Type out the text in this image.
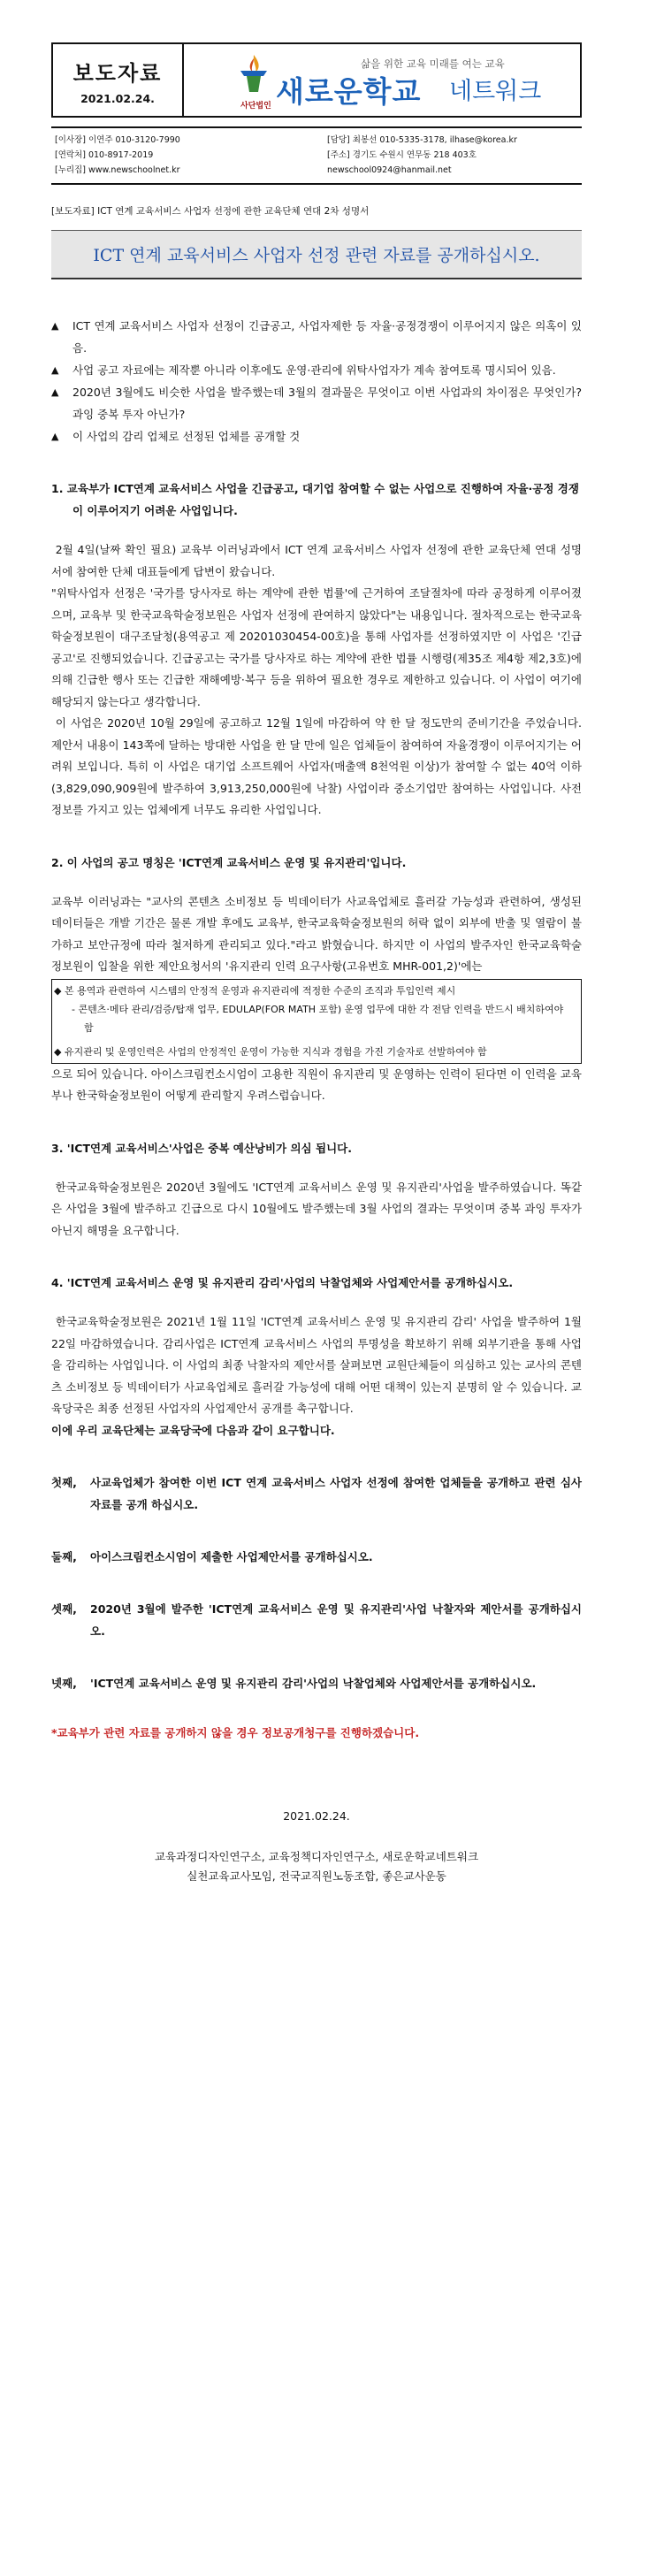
보도자료
2021.02.24.
사단법인
삶을 위한 교육 미래를 여는 교육
새로운학교 네트워크
[이사장] 이연주 010-3120-7990
[연락처] 010-8917-2019
[누리집] www.newschoolnet.kr
[담당] 최봉선 010-5335-3178, ilhase@korea.kr
[주소] 경기도 수원시 연무동 218 403호
newschool0924@hanmail.net
[보도자료] ICT 연계 교육서비스 사업자 선정에 관한 교육단체 연대 2차 성명서
ICT 연계 교육서비스 사업자 선정 관련 자료를 공개하십시오.
▲	ICT 연계 교육서비스 사업자 선정이 긴급공고, 사업자제한 등 자율·공정경쟁이 이루어지지 않은 의혹이 있음.
▲	사업 공고 자료에는 제작뿐 아니라 이후에도 운영·관리에 위탁사업자가 계속 참여토록 명시되어 있음.
▲	2020년 3월에도 비슷한 사업을 발주했는데 3월의 결과물은 무엇이고 이번 사업과의 차이점은 무엇인가? 과잉 중복 투자 아닌가?
▲	이 사업의 감리 업체로 선정된 업체를 공개할 것
1. 교육부가 ICT연계 교육서비스 사업을 긴급공고, 대기업 참여할 수 없는 사업으로 진행하여 자율·공정 경쟁이 이루어지기 어려운 사업입니다.
2월 4일(날짜 확인 필요) 교육부 이러닝과에서 ICT 연계 교육서비스 사업자 선정에 관한 교육단체 연대 성명서에 참여한 단체 대표들에게 답변이 왔습니다.
"위탁사업자 선정은 '국가를 당사자로 하는 계약에 관한 법률'에 근거하여 조달절차에 따라 공정하게 이루어졌으며, 교육부 및 한국교육학술정보원은 사업자 선정에 관여하지 않았다"는 내용입니다. 절차적으로는 한국교육학술정보원이 대구조달청(용역공고 제 20201030454-00호)을 통해 사업자를 선정하였지만 이 사업은 '긴급공고'로 진행되었습니다. 긴급공고는 국가를 당사자로 하는 계약에 관한 법률 시행령(제35조 제4항 제2,3호)에 의해 긴급한 행사 또는 긴급한 재해예방·복구 등을 위하여 필요한 경우로 제한하고 있습니다. 이 사업이 여기에 해당되지 않는다고 생각합니다.
이 사업은 2020년 10월 29일에 공고하고 12월 1일에 마감하여 약 한 달 정도만의 준비기간을 주었습니다. 제안서 내용이 143쪽에 달하는 방대한 사업을 한 달 만에 일은 업체들이 참여하여 자율경쟁이 이루어지기는 어려워 보입니다. 특히 이 사업은 대기업 소프트웨어 사업자(매출액 8천억원 이상)가 참여할 수 없는 40억 이하(3,829,090,909원에 발주하여 3,913,250,000원에 낙찰) 사업이라 중소기업만 참여하는 사업입니다. 사전정보를 가지고 있는 업체에게 너무도 유리한 사업입니다.
2. 이 사업의 공고 명칭은 'ICT연계 교육서비스 운영 및 유지관리'입니다.
교육부 이러닝과는 "교사의 콘텐츠 소비정보 등 빅데이터가 사교육업체로 흘러갈 가능성과 관련하여, 생성된 데이터들은 개발 기간은 물론 개발 후에도 교육부, 한국교육학술정보원의 허락 없이 외부에 반출 및 열람이 불가하고 보안규정에 따라 철저하게 관리되고 있다."라고 밝혔습니다. 하지만 이 사업의 발주자인 한국교육학술정보원이 입찰을 위한 제안요청서의 '유지관리 인력 요구사항(고유번호 MHR-001,2)'에는
◆ 본 용역과 관련하여 시스템의 안정적 운영과 유지관리에 적정한 수준의 조직과 투입인력 제시
- 콘텐츠·메타 관리/검증/탑재 업무, EDULAP(FOR MATH 포함) 운영 업무에 대한 각 전담 인력을 반드시 배치하여야 함
◆ 유지관리 및 운영인력은 사업의 안정적인 운영이 가능한 지식과 경험을 가진 기술자로 선발하여야 함
으로 되어 있습니다. 아이스크림컨소시엄이 고용한 직원이 유지관리 및 운영하는 인력이 된다면 이 인력을 교육부나 한국학술정보원이 어떻게 관리할지 우려스럽습니다.
3. 'ICT연계 교육서비스'사업은 중복 예산낭비가 의심 됩니다.
한국교육학술정보원은 2020년 3월에도 'ICT연계 교육서비스 운영 및 유지관리'사업을 발주하였습니다. 똑같은 사업을 3월에 발주하고 긴급으로 다시 10월에도 발주했는데 3월 사업의 결과는 무엇이며 중복 과잉 투자가 아닌지 해명을 요구합니다.
4. 'ICT연계 교육서비스 운영 및 유지관리 감리'사업의 낙찰업체와 사업제안서를 공개하십시오.
한국교육학술정보원은 2021년 1월 11일 'ICT연계 교육서비스 운영 및 유지관리 감리' 사업을 발주하여 1월 22일 마감하였습니다. 감리사업은 ICT연계 교육서비스 사업의 투명성을 확보하기 위해 외부기관을 통해 사업을 감리하는 사업입니다. 이 사업의 최종 낙찰자의 제안서를 살펴보면 교원단체들이 의심하고 있는 교사의 콘텐츠 소비정보 등 빅데이터가 사교육업체로 흘러갈 가능성에 대해 어떤 대책이 있는지 분명히 알 수 있습니다. 교육당국은 최종 선정된 사업자의 사업제안서 공개를 촉구합니다.
이에 우리 교육단체는 교육당국에 다음과 같이 요구합니다.
첫째,	사교육업체가 참여한 이번 ICT 연계 교육서비스 사업자 선정에 참여한 업체들을 공개하고 관련 심사 자료를 공개 하십시오.
둘째,	아이스크림컨소시엄이 제출한 사업제안서를 공개하십시오.
셋째,	2020년 3월에 발주한 'ICT연계 교육서비스 운영 및 유지관리'사업 낙찰자와 제안서를 공개하십시오.
넷째,	'ICT연계 교육서비스 운영 및 유지관리 감리'사업의 낙찰업체와 사업제안서를 공개하십시오.
*교육부가 관련 자료를 공개하지 않을 경우 정보공개청구를 진행하겠습니다.
2021.02.24.
교육과정디자인연구소, 교육정책디자인연구소, 새로운학교네트워크
실천교육교사모임, 전국교직원노동조합, 좋은교사운동
